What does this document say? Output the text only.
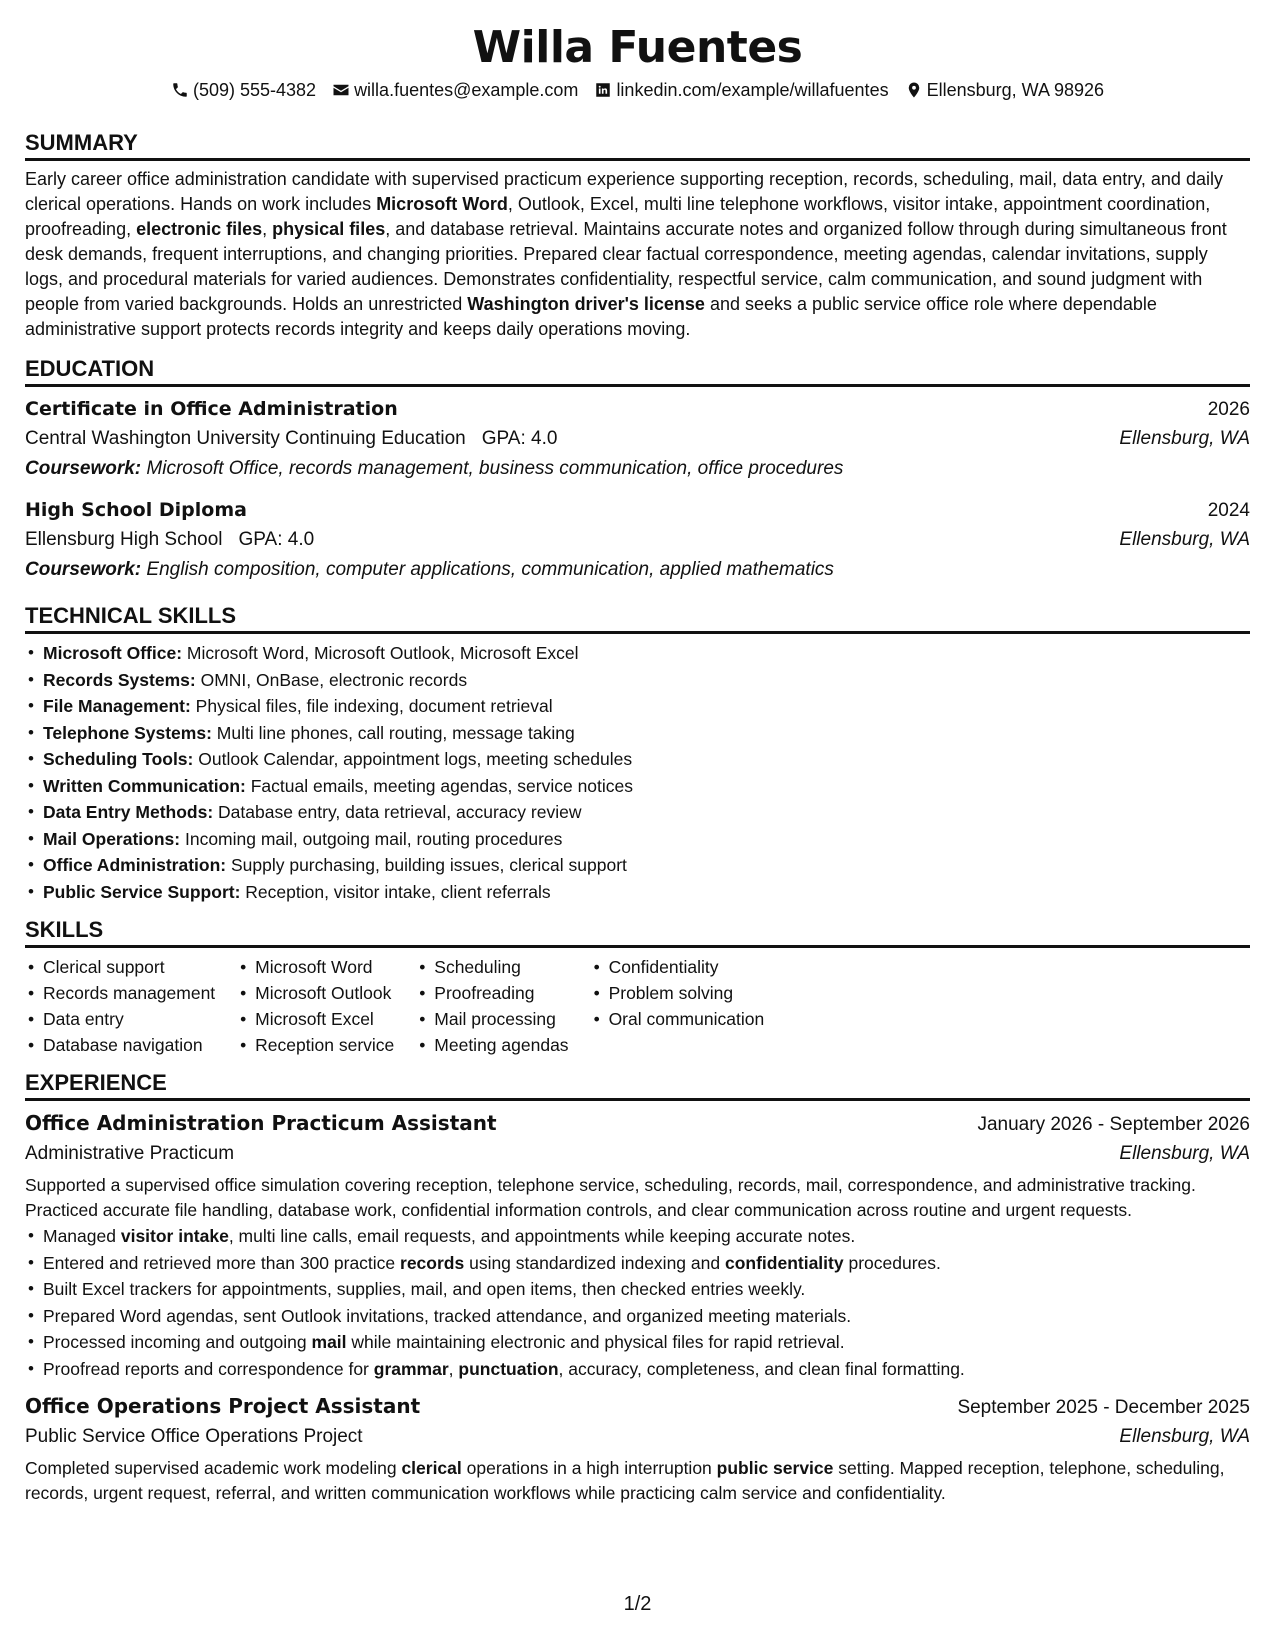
Willa Fuentes
(509) 555-4382 willa.fuentes@example.com linkedin.com/example/willafuentes Ellensburg, WA 98926
SUMMARY

Early career office administration candidate with supervised practicum experience supporting reception, records, scheduling, mail, data entry, and daily clerical operations. Hands on work includes Microsoft Word, Outlook, Excel, multi line telephone workflows, visitor intake, appointment coordination, proofreading, electronic files, physical files, and database retrieval. Maintains accurate notes and organized follow through during simultaneous front desk demands, frequent interruptions, and changing priorities. Prepared clear factual correspondence, meeting agendas, calendar invitations, supply logs, and procedural materials for varied audiences. Demonstrates confidentiality, respectful service, calm communication, and sound judgment with people from varied backgrounds. Holds an unrestricted Washington driver's license and seeks a public service office role where dependable administrative support protects records integrity and keeps daily operations moving.

EDUCATION
Certificate in Office Administration	2026
Central Washington University Continuing Education GPA: 4.0	Ellensburg, WA
Coursework: Microsoft Office, records management, business communication, office procedures
High School Diploma	2024
Ellensburg High School GPA: 4.0	Ellensburg, WA
Coursework: English composition, computer applications, communication, applied mathematics
TECHNICAL SKILLS
• Microsoft Office: Microsoft Word, Microsoft Outlook, Microsoft Excel
• Records Systems: OMNI, OnBase, electronic records
• File Management: Physical files, file indexing, document retrieval
• Telephone Systems: Multi line phones, call routing, message taking
• Scheduling Tools: Outlook Calendar, appointment logs, meeting schedules
• Written Communication: Factual emails, meeting agendas, service notices
• Data Entry Methods: Database entry, data retrieval, accuracy review
• Mail Operations: Incoming mail, outgoing mail, routing procedures
• Office Administration: Supply purchasing, building issues, clerical support
• Public Service Support: Reception, visitor intake, client referrals
SKILLS
• Clerical support
• Records management
• Data entry
• Database navigation
• Microsoft Word
• Microsoft Outlook
• Microsoft Excel
• Reception service
• Scheduling
• Proofreading
• Mail processing
• Meeting agendas
• Confidentiality
• Problem solving
• Oral communication
EXPERIENCE
Office Administration Practicum Assistant	January 2026 - September 2026
Administrative Practicum	Ellensburg, WA

Supported a supervised office simulation covering reception, telephone service, scheduling, records, mail, correspondence, and administrative tracking. Practiced accurate file handling, database work, confidential information controls, and clear communication across routine and urgent requests.

• Managed visitor intake, multi line calls, email requests, and appointments while keeping accurate notes.
• Entered and retrieved more than 300 practice records using standardized indexing and confidentiality procedures.
• Built Excel trackers for appointments, supplies, mail, and open items, then checked entries weekly.
• Prepared Word agendas, sent Outlook invitations, tracked attendance, and organized meeting materials.
• Processed incoming and outgoing mail while maintaining electronic and physical files for rapid retrieval.
• Proofread reports and correspondence for grammar, punctuation, accuracy, completeness, and clean final formatting.
Office Operations Project Assistant	September 2025 - December 2025
Public Service Office Operations Project	Ellensburg, WA

Completed supervised academic work modeling clerical operations in a high interruption public service setting. Mapped reception, telephone, scheduling, records, urgent request, referral, and written communication workflows while practicing calm service and confidentiality.

1/2
